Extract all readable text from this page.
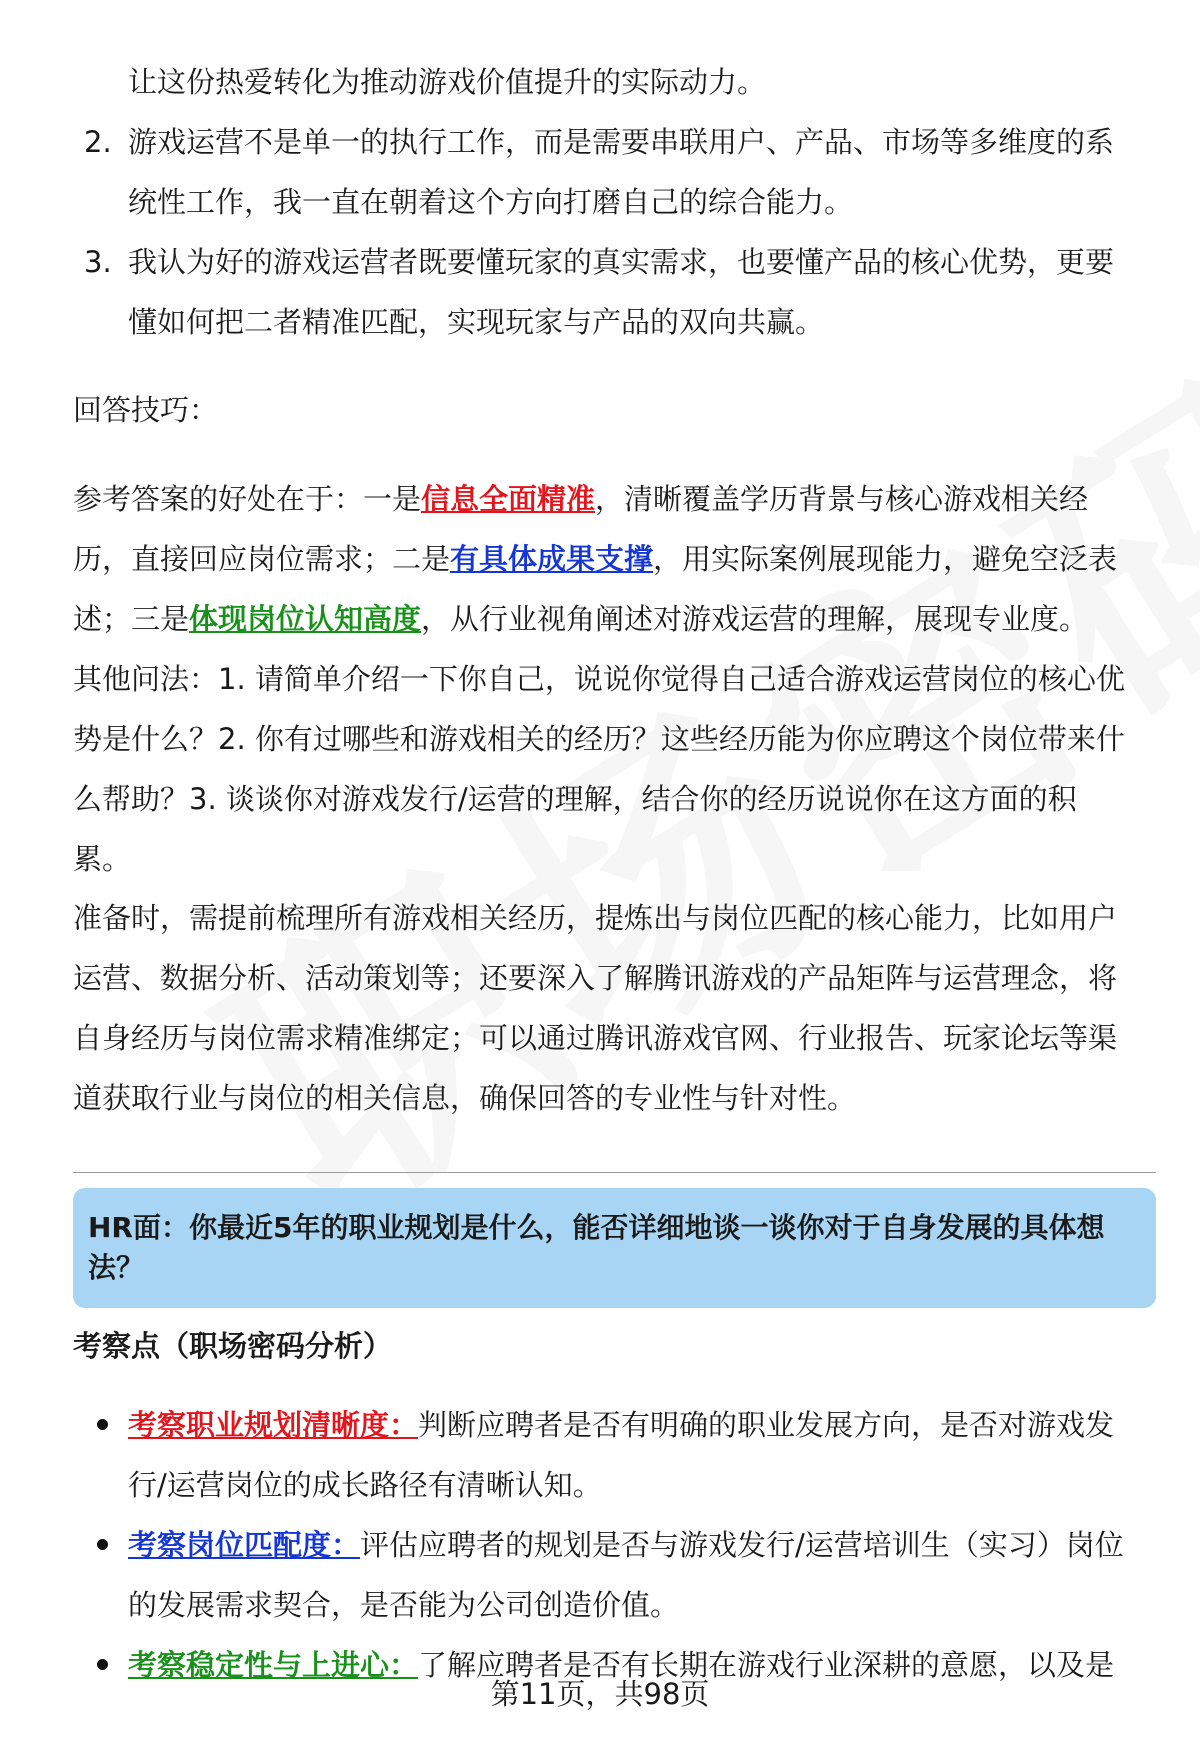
让这份热爱转化为推动游戏价值提升的实际动力。
2. 游戏运营不是单一的执行工作，而是需要串联用户、产品、市场等多维度的系
统性工作，我一直在朝着这个方向打磨自己的综合能力。
3. 我认为好的游戏运营者既要懂玩家的真实需求，也要懂产品的核心优势，更要
懂如何把二者精准匹配，实现玩家与产品的双向共赢。
回答技巧：
参考答案的好处在于：一是信息全面精准，清晰覆盖学历背景与核心游戏相关经
历，直接回应岗位需求；二是有具体成果支撑，用实际案例展现能力，避免空泛表
述；三是体现岗位认知高度，从行业视角阐述对游戏运营的理解，展现专业度。
其他问法：1. 请简单介绍一下你自己，说说你觉得自己适合游戏运营岗位的核心优
势是什么？2. 你有过哪些和游戏相关的经历？这些经历能为你应聘这个岗位带来什
么帮助？3. 谈谈你对游戏发行/运营的理解，结合你的经历说说你在这方面的积
累。
准备时，需提前梳理所有游戏相关经历，提炼出与岗位匹配的核心能力，比如用户
运营、数据分析、活动策划等；还要深入了解腾讯游戏的产品矩阵与运营理念，将
自身经历与岗位需求精准绑定；可以通过腾讯游戏官网、行业报告、玩家论坛等渠
道获取行业与岗位的相关信息，确保回答的专业性与针对性。
HR面：你最近5年的职业规划是什么，能否详细地谈一谈你对于自身发展的具体想法？
考察点（职场密码分析）
考察职业规划清晰度：判断应聘者是否有明确的职业发展方向，是否对游戏发
行/运营岗位的成长路径有清晰认知。
考察岗位匹配度：评估应聘者的规划是否与游戏发行/运营培训生（实习）岗位
的发展需求契合，是否能为公司创造价值。
考察稳定性与上进心：了解应聘者是否有长期在游戏行业深耕的意愿，以及是
第11页，共98页
